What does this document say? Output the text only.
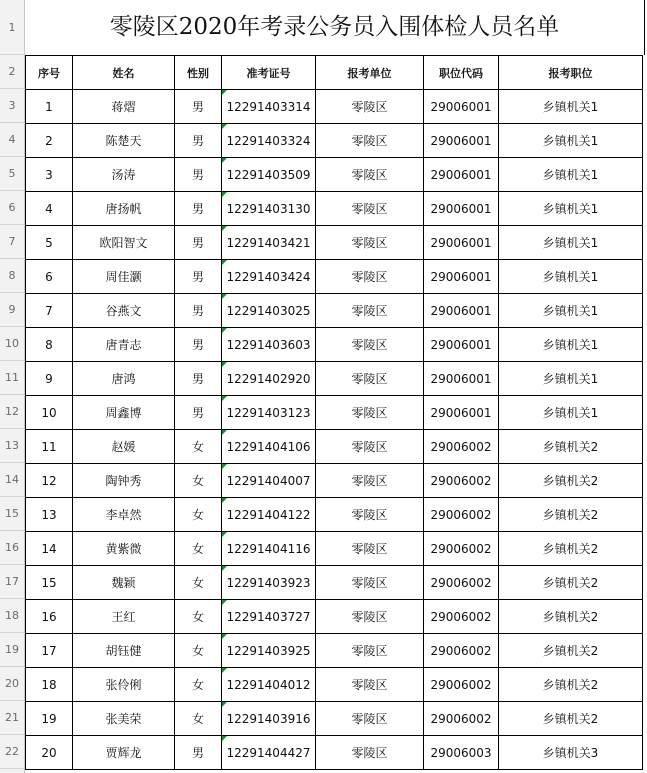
1
2
3
4
5
6
7
8
9
10
11
12
13
14
15
16
17
18
19
20
21
22
零陵区2020年考录公务员入围体检人员名单
序号	姓名	性别	准考证号	报考单位	职位代码	报考职位
1	蒋熠	男	12291403314	零陵区	29006001	乡镇机关1
2	陈楚天	男	12291403324	零陵区	29006001	乡镇机关1
3	汤涛	男	12291403509	零陵区	29006001	乡镇机关1
4	唐扬帆	男	12291403130	零陵区	29006001	乡镇机关1
5	欧阳智文	男	12291403421	零陵区	29006001	乡镇机关1
6	周佳灏	男	12291403424	零陵区	29006001	乡镇机关1
7	谷燕文	男	12291403025	零陵区	29006001	乡镇机关1
8	唐青志	男	12291403603	零陵区	29006001	乡镇机关1
9	唐鸿	男	12291402920	零陵区	29006001	乡镇机关1
10	周鑫博	男	12291403123	零陵区	29006001	乡镇机关1
11	赵媛	女	12291404106	零陵区	29006002	乡镇机关2
12	陶钟秀	女	12291404007	零陵区	29006002	乡镇机关2
13	李卓然	女	12291404122	零陵区	29006002	乡镇机关2
14	黄紫微	女	12291404116	零陵区	29006002	乡镇机关2
15	魏颖	女	12291403923	零陵区	29006002	乡镇机关2
16	王红	女	12291403727	零陵区	29006002	乡镇机关2
17	胡钰健	女	12291403925	零陵区	29006002	乡镇机关2
18	张伶俐	女	12291404012	零陵区	29006002	乡镇机关2
19	张美荣	女	12291403916	零陵区	29006002	乡镇机关2
20	贾辉龙	男	12291404427	零陵区	29006003	乡镇机关3
